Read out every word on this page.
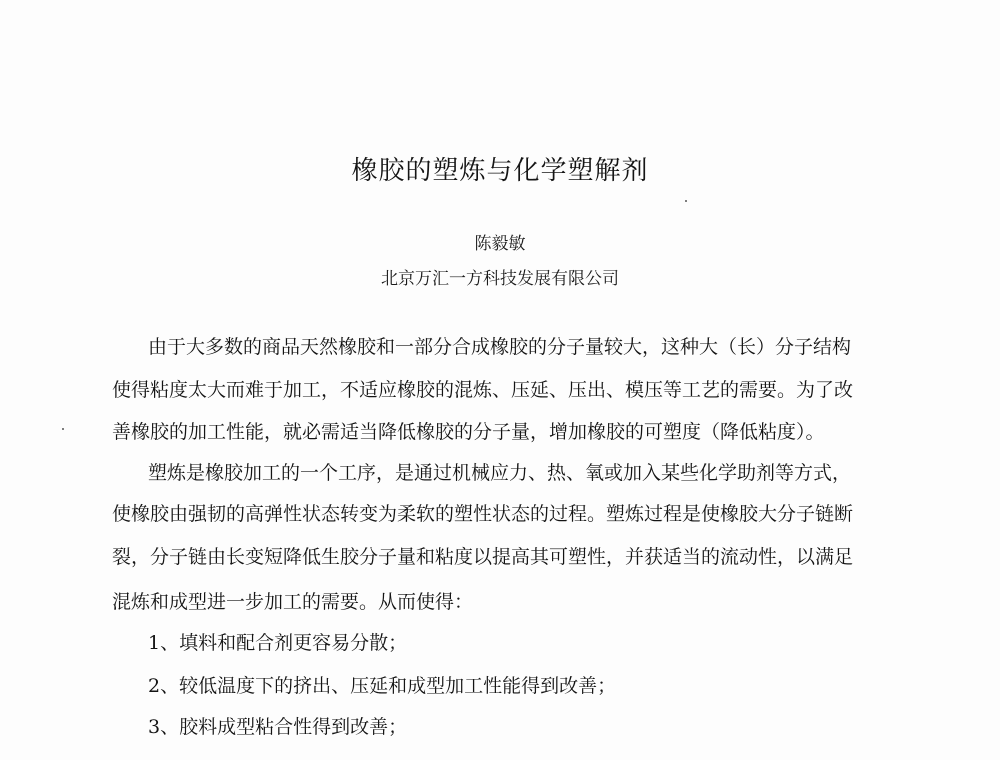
橡胶的塑炼与化学塑解剂
陈毅敏
北京万汇一方科技发展有限公司
由于大多数的商品天然橡胶和一部分合成橡胶的分子量较大，这种大（长）分子结构
使得粘度太大而难于加工，不适应橡胶的混炼、压延、压出、模压等工艺的需要。为了改
善橡胶的加工性能，就必需适当降低橡胶的分子量，增加橡胶的可塑度（降低粘度）。
塑炼是橡胶加工的一个工序，是通过机械应力、热、氧或加入某些化学助剂等方式，
使橡胶由强韧的高弹性状态转变为柔软的塑性状态的过程。塑炼过程是使橡胶大分子链断
裂，分子链由长变短降低生胶分子量和粘度以提高其可塑性，并获适当的流动性，以满足
混炼和成型进一步加工的需要。从而使得：
1、填料和配合剂更容易分散；
2、较低温度下的挤出、压延和成型加工性能得到改善；
3、胶料成型粘合性得到改善；
